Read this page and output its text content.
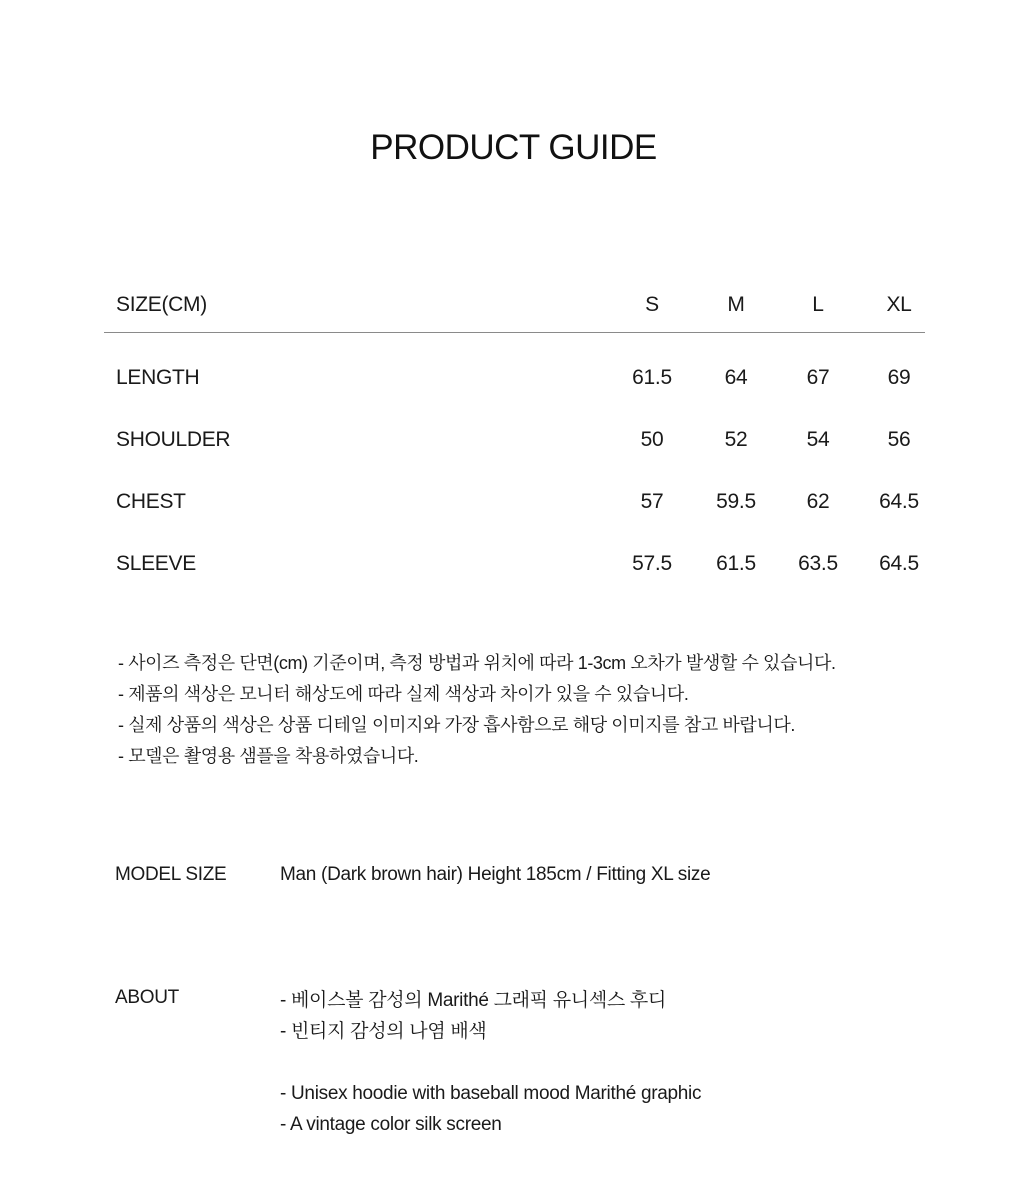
PRODUCT GUIDE
SIZE(CM)	S	M	L	XL
LENGTH	61.5	64	67	69
SHOULDER	50	52	54	56
CHEST	57	59.5	62	64.5
SLEEVE	57.5	61.5	63.5	64.5
- 사이즈 측정은 단면(cm) 기준이며, 측정 방법과 위치에 따라 1-3cm 오차가 발생할 수 있습니다.
- 제품의 색상은 모니터 해상도에 따라 실제 색상과 차이가 있을 수 있습니다.
- 실제 상품의 색상은 상품 디테일 이미지와 가장 흡사함으로 해당 이미지를 참고 바랍니다.
- 모델은 촬영용 샘플을 착용하였습니다.
MODEL SIZE	Man (Dark brown hair) Height 185cm / Fitting XL size
ABOUT	- 베이스볼 감성의 Marithé 그래픽 유니섹스 후디
- 빈티지 감성의 나염 배색
- Unisex hoodie with baseball mood Marithé graphic
- A vintage color silk screen
